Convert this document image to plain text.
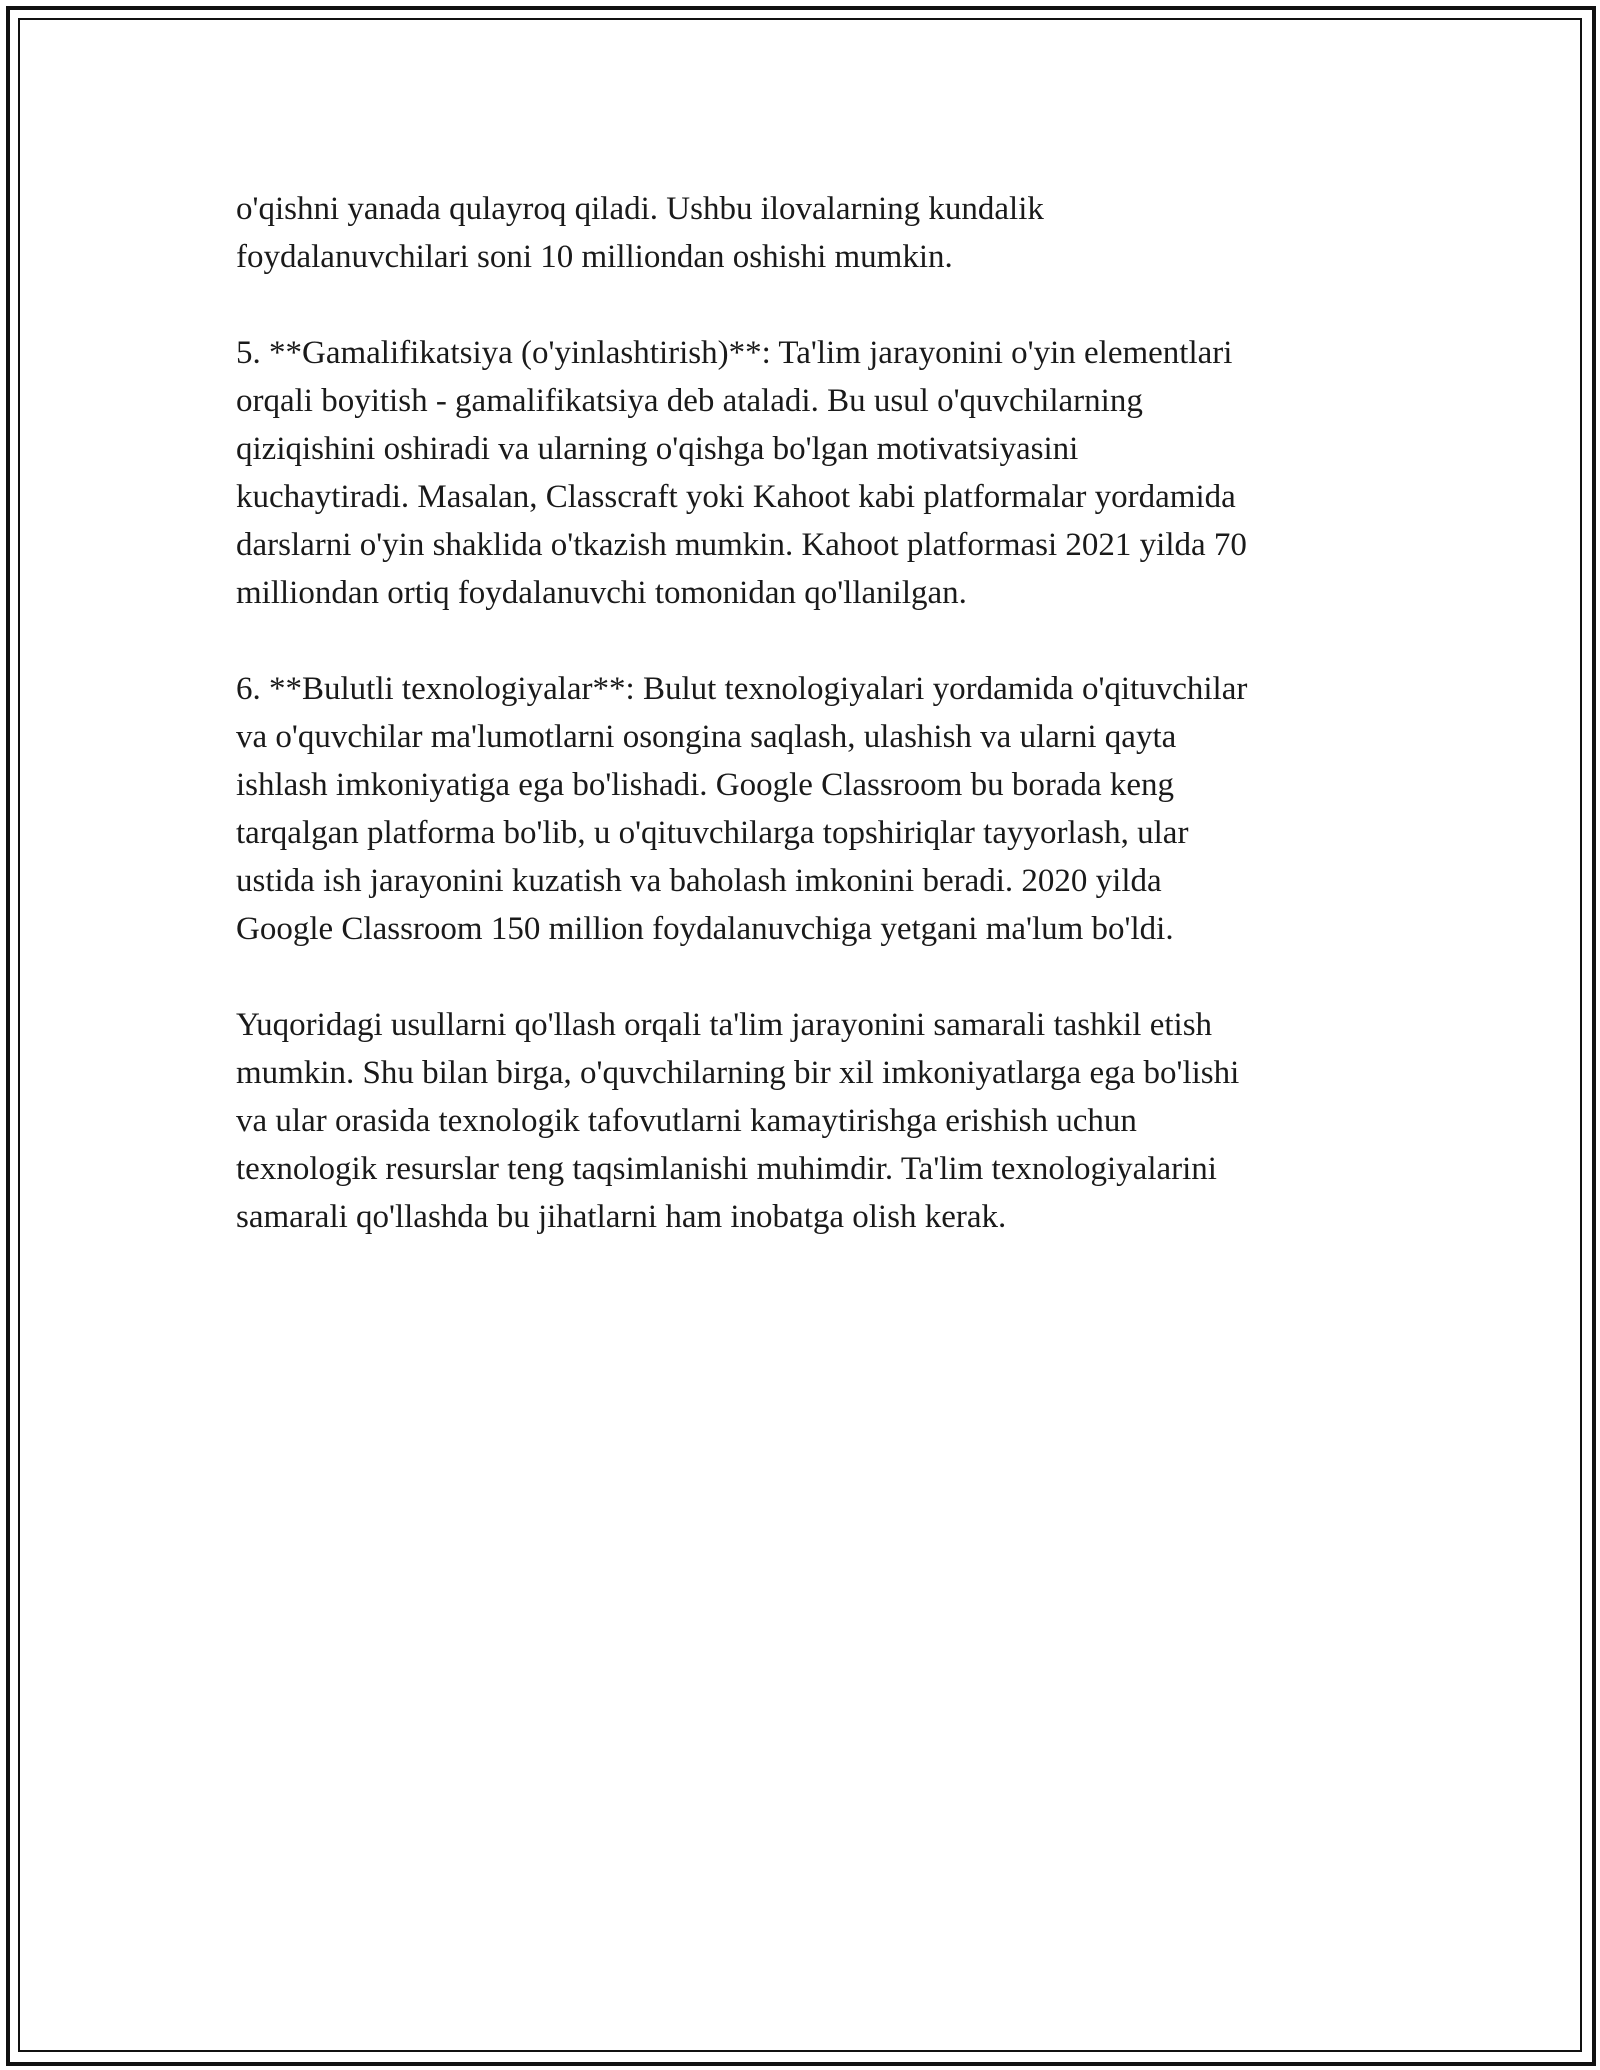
o'qishni yanada qulayroq qiladi. Ushbu ilovalarning kundalik
foydalanuvchilari soni 10 milliondan oshishi mumkin.

5. **Gamalifikatsiya (o'yinlashtirish)**: Ta'lim jarayonini o'yin elementlari
orqali boyitish - gamalifikatsiya deb ataladi. Bu usul o'quvchilarning
qiziqishini oshiradi va ularning o'qishga bo'lgan motivatsiyasini
kuchaytiradi. Masalan, Classcraft yoki Kahoot kabi platformalar yordamida
darslarni o'yin shaklida o'tkazish mumkin. Kahoot platformasi 2021 yilda 70
milliondan ortiq foydalanuvchi tomonidan qo'llanilgan.

6. **Bulutli texnologiyalar**: Bulut texnologiyalari yordamida o'qituvchilar
va o'quvchilar ma'lumotlarni osongina saqlash, ulashish va ularni qayta
ishlash imkoniyatiga ega bo'lishadi. Google Classroom bu borada keng
tarqalgan platforma bo'lib, u o'qituvchilarga topshiriqlar tayyorlash, ular
ustida ish jarayonini kuzatish va baholash imkonini beradi. 2020 yilda
Google Classroom 150 million foydalanuvchiga yetgani ma'lum bo'ldi.

Yuqoridagi usullarni qo'llash orqali ta'lim jarayonini samarali tashkil etish
mumkin. Shu bilan birga, o'quvchilarning bir xil imkoniyatlarga ega bo'lishi
va ular orasida texnologik tafovutlarni kamaytirishga erishish uchun
texnologik resurslar teng taqsimlanishi muhimdir. Ta'lim texnologiyalarini
samarali qo'llashda bu jihatlarni ham inobatga olish kerak.
